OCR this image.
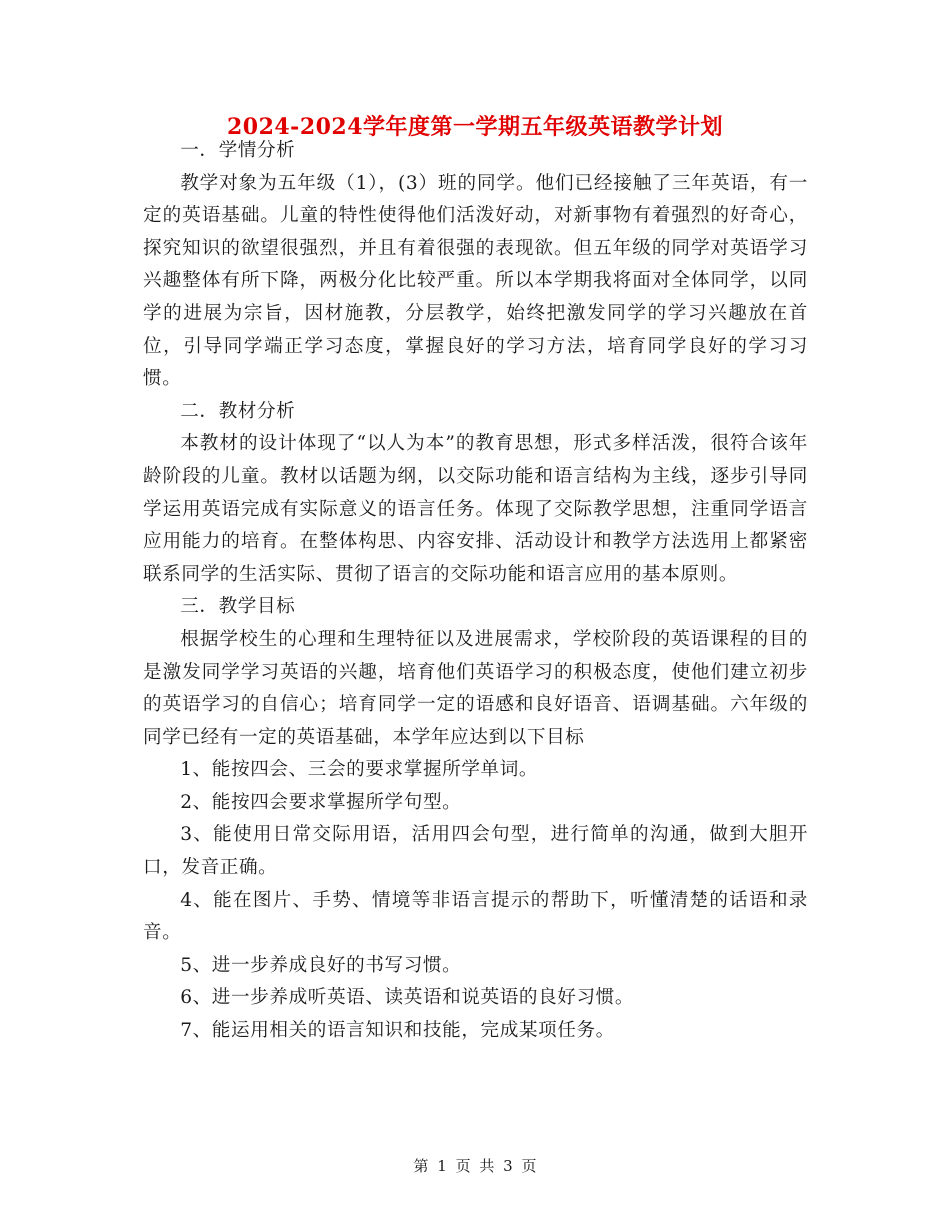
2024-2024学年度第一学期五年级英语教学计划

一．学情分析

教学对象为五年级（1），(3）班的同学。他们已经接触了三年英语，有一定的英语基础。儿童的特性使得他们活泼好动，对新事物有着强烈的好奇心，探究知识的欲望很强烈，并且有着很强的表现欲。但五年级的同学对英语学习兴趣整体有所下降，两极分化比较严重。所以本学期我将面对全体同学，以同学的进展为宗旨，因材施教，分层教学，始终把激发同学的学习兴趣放在首位，引导同学端正学习态度，掌握良好的学习方法，培育同学良好的学习习惯。

二．教材分析

本教材的设计体现了“以人为本”的教育思想，形式多样活泼，很符合该年龄阶段的儿童。教材以话题为纲，以交际功能和语言结构为主线，逐步引导同学运用英语完成有实际意义的语言任务。体现了交际教学思想，注重同学语言应用能力的培育。在整体构思、内容安排、活动设计和教学方法选用上都紧密联系同学的生活实际、贯彻了语言的交际功能和语言应用的基本原则。

三．教学目标

根据学校生的心理和生理特征以及进展需求，学校阶段的英语课程的目的是激发同学学习英语的兴趣，培育他们英语学习的积极态度，使他们建立初步的英语学习的自信心；培育同学一定的语感和良好语音、语调基础。六年级的同学已经有一定的英语基础，本学年应达到以下目标

1、能按四会、三会的要求掌握所学单词。

2、能按四会要求掌握所学句型。

3、能使用日常交际用语，活用四会句型，进行简单的沟通，做到大胆开口，发音正确。

4、能在图片、手势、情境等非语言提示的帮助下，听懂清楚的话语和录音。

5、进一步养成良好的书写习惯。

6、进一步养成听英语、读英语和说英语的良好习惯。

7、能运用相关的语言知识和技能，完成某项任务。

第 1 页 共 3 页
